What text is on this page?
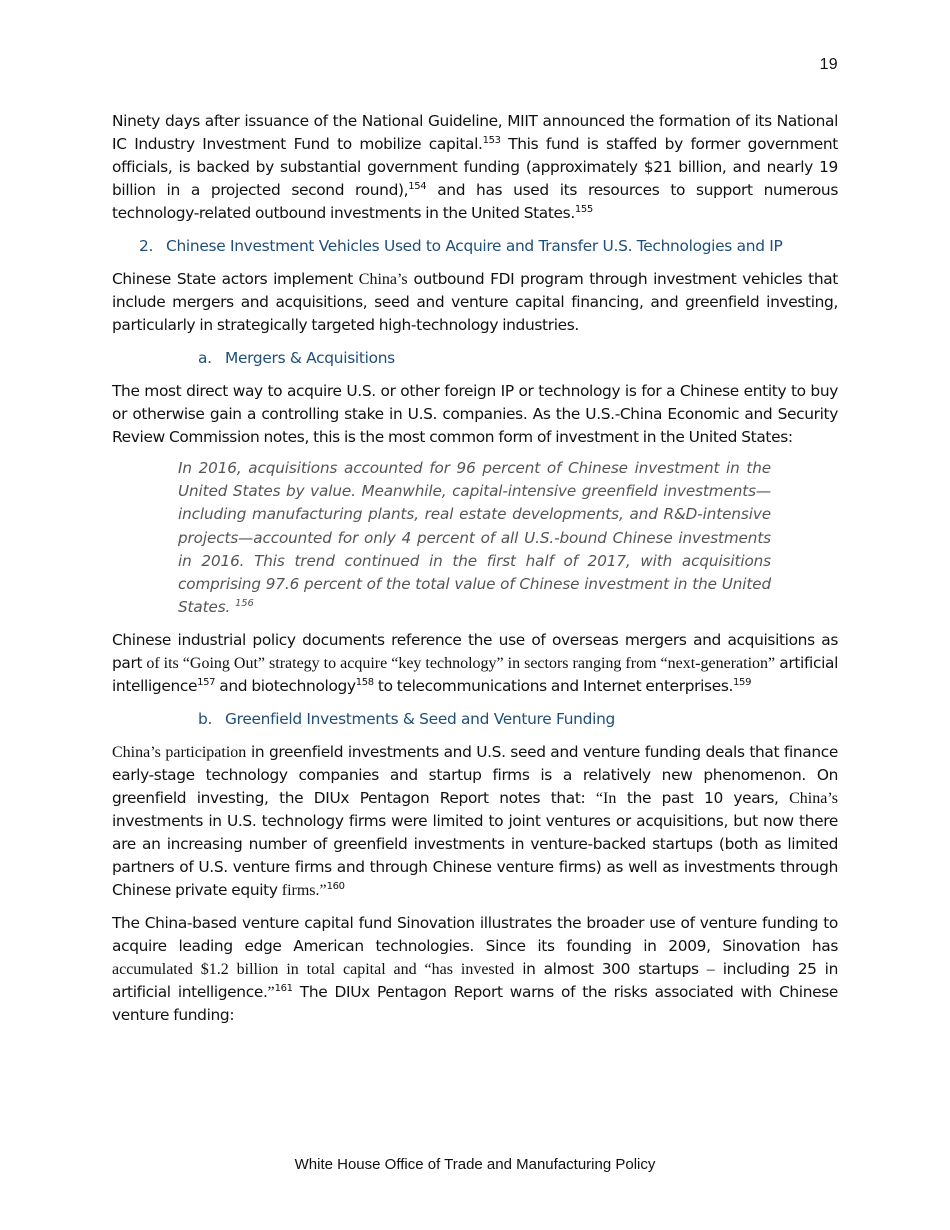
19

Ninety days after issuance of the National Guideline, MIIT announced the formation of its National IC Industry Investment Fund to mobilize capital.$^{153}$ This fund is staffed by former government officials, is backed by substantial government funding (approximately $21 billion, and nearly 19 billion in a projected second round),$^{154}$ and has used its resources to support numerous technology-related outbound investments in the United States.$^{155}$

2. Chinese Investment Vehicles Used to Acquire and Transfer U.S. Technologies and IP

Chinese State actors implement China’s outbound FDI program through investment vehicles that include mergers and acquisitions, seed and venture capital financing, and greenfield investing, particularly in strategically targeted high-technology industries.

a. Mergers & Acquisitions

The most direct way to acquire U.S. or other foreign IP or technology is for a Chinese entity to buy or otherwise gain a controlling stake in U.S. companies. As the U.S.-China Economic and Security Review Commission notes, this is the most common form of investment in the United States:

In 2016, acquisitions accounted for 96 percent of Chinese investment in the United States by value. Meanwhile, capital-intensive greenfield investments—including manufacturing plants, real estate developments, and R&D-intensive projects—accounted for only 4 percent of all U.S.-bound Chinese investments in 2016. This trend continued in the first half of 2017, with acquisitions comprising 97.6 percent of the total value of Chinese investment in the United States. $^{156}$

Chinese industrial policy documents reference the use of overseas mergers and acquisitions as part of its “Going Out” strategy to acquire “key technology” in sectors ranging from “next-generation” artificial intelligence$^{157}$ and biotechnology$^{158}$ to telecommunications and Internet enterprises.$^{159}$

b. Greenfield Investments & Seed and Venture Funding

China’s participation in greenfield investments and U.S. seed and venture funding deals that finance early-stage technology companies and startup firms is a relatively new phenomenon. On greenfield investing, the DIUx Pentagon Report notes that: “In the past 10 years, China’s investments in U.S. technology firms were limited to joint ventures or acquisitions, but now there are an increasing number of greenfield investments in venture-backed startups (both as limited partners of U.S. venture firms and through Chinese venture firms) as well as investments through Chinese private equity firms.”$^{160}$

The China-based venture capital fund Sinovation illustrates the broader use of venture funding to acquire leading edge American technologies. Since its founding in 2009, Sinovation has accumulated $1.2 billion in total capital and “has invested in almost 300 startups – including 25 in artificial intelligence.”$^{161}$ The DIUx Pentagon Report warns of the risks associated with Chinese venture funding:

White House Office of Trade and Manufacturing Policy
